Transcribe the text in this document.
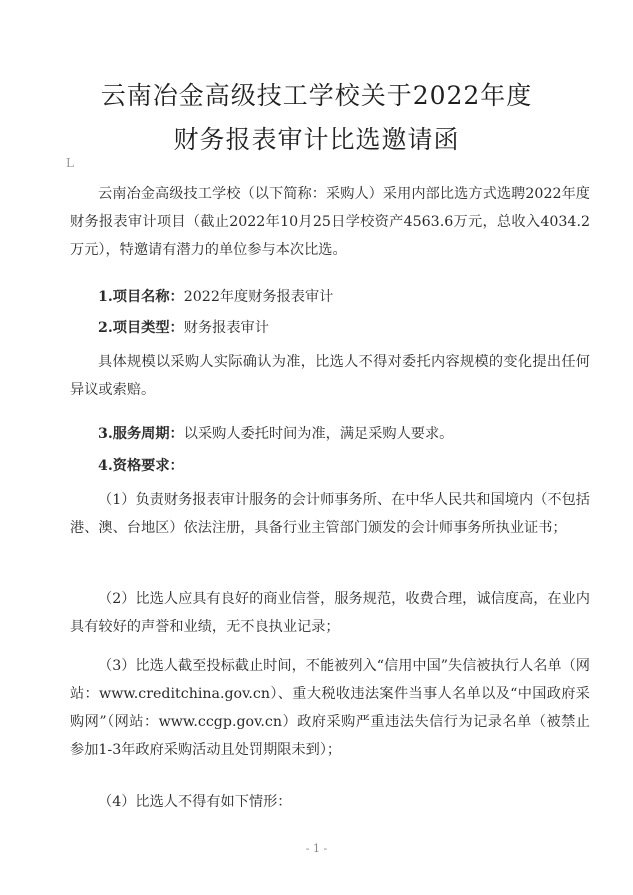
云南冶金高级技工学校关于2022年度
财务报表审计比选邀请函
L
云南冶金高级技工学校（以下简称：采购人）采用内部比选方式选聘2022年度财务报表审计项目（截止2022年10月25日学校资产4563.6万元，总收入4034.2万元），特邀请有潜力的单位参与本次比选。
1.项目名称：2022年度财务报表审计
2.项目类型：财务报表审计
具体规模以采购人实际确认为准，比选人不得对委托内容规模的变化提出任何异议或索赔。
3.服务周期：以采购人委托时间为准，满足采购人要求。
4.资格要求：
（1）负责财务报表审计服务的会计师事务所、在中华人民共和国境内（不包括港、澳、台地区）依法注册，具备行业主管部门颁发的会计师事务所执业证书；
（2）比选人应具有良好的商业信誉，服务规范，收费合理，诚信度高，在业内具有较好的声誉和业绩，无不良执业记录；
（3）比选人截至投标截止时间，不能被列入“信用中国”失信被执行人名单（网站：www.creditchina.gov.cn）、重大税收违法案件当事人名单以及“中国政府采购网”（网站：www.ccgp.gov.cn）政府采购严重违法失信行为记录名单（被禁止参加1-3年政府采购活动且处罚期限未到）；
（4）比选人不得有如下情形：
- 1 -
